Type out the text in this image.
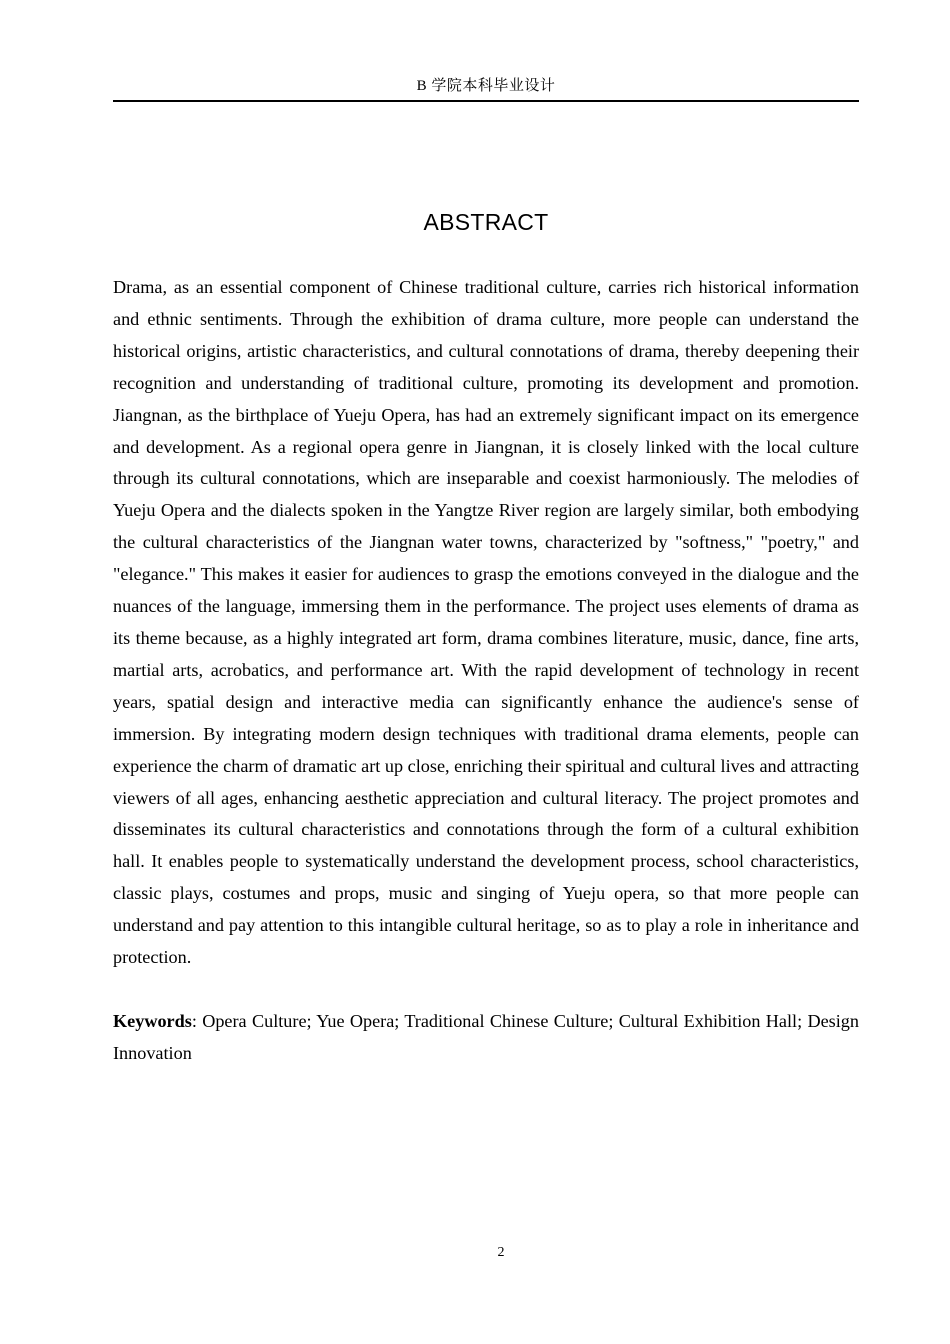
B 学院本科毕业设计
ABSTRACT

Drama, as an essential component of Chinese traditional culture, carries rich historical information and ethnic sentiments. Through the exhibition of drama culture, more people can understand the historical origins, artistic characteristics, and cultural connotations of drama, thereby deepening their recognition and understanding of traditional culture, promoting its development and promotion. Jiangnan, as the birthplace of Yueju Opera, has had an extremely significant impact on its emergence and development. As a regional opera genre in Jiangnan, it is closely linked with the local culture through its cultural connotations, which are inseparable and coexist harmoniously. The melodies of Yueju Opera and the dialects spoken in the Yangtze River region are largely similar, both embodying the cultural characteristics of the Jiangnan water towns, characterized by "softness," "poetry," and "elegance." This makes it easier for audiences to grasp the emotions conveyed in the dialogue and the nuances of the language, immersing them in the performance. The project uses elements of drama as its theme because, as a highly integrated art form, drama combines literature, music, dance, fine arts, martial arts, acrobatics, and performance art. With the rapid development of technology in recent years, spatial design and interactive media can significantly enhance the audience's sense of immersion. By integrating modern design techniques with traditional drama elements, people can experience the charm of dramatic art up close, enriching their spiritual and cultural lives and attracting viewers of all ages, enhancing aesthetic appreciation and cultural literacy. The project promotes and disseminates its cultural characteristics and connotations through the form of a cultural exhibition hall. It enables people to systematically understand the development process, school characteristics, classic plays, costumes and props, music and singing of Yueju opera, so that more people can understand and pay attention to this intangible cultural heritage, so as to play a role in inheritance and protection.

Keywords: Opera Culture; Yue Opera; Traditional Chinese Culture; Cultural Exhibition Hall; Design Innovation

2
